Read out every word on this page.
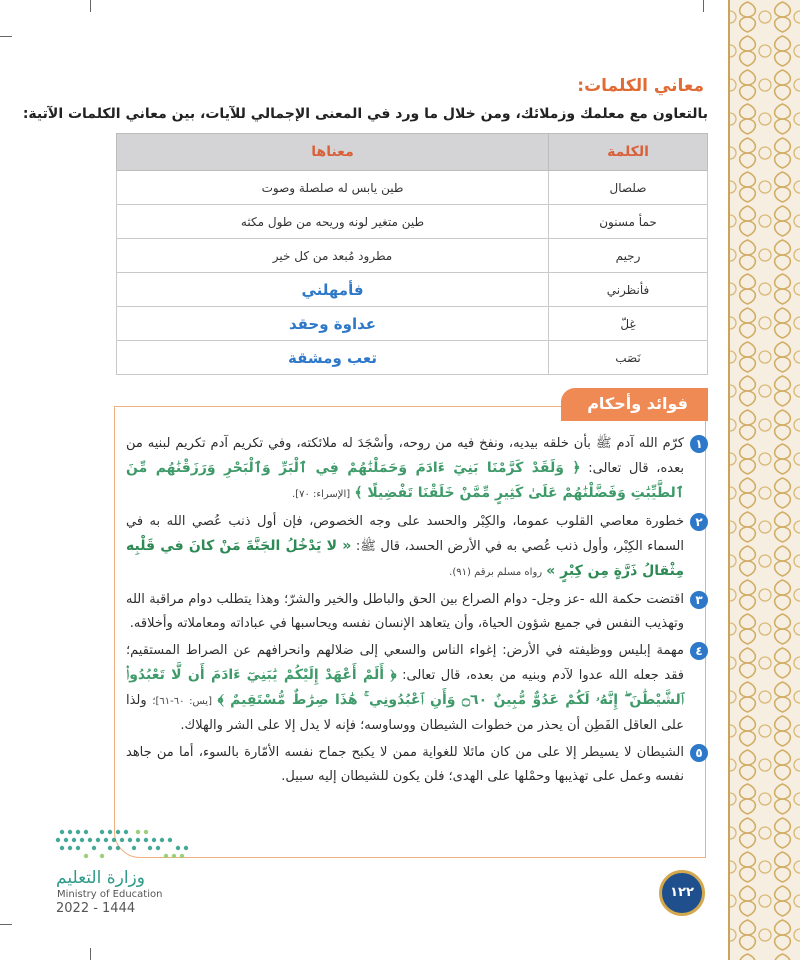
معاني الكلمات:
بالتعاون مع معلمك وزملائك، ومن خلال ما ورد في المعنى الإجمالي للآيات، بين معاني الكلمات الآتية:
الكلمة	معناها
صلصال	طين يابس له صلصلة وصوت
حمأ مسنون	طين متغير لونه وريحه من طول مكثه
رجيم	مطرود مُبعد من كل خير
فأنظرني	فأمهلني
غِلّ	عداوة وحقد
نَصَب	تعب ومشقة
فوائد وأحكام
١
كرّم الله آدم ﷺ بأن خلقه بيديه، ونفخ فيه من روحه، وأسْجَدَ له ملائكته، وفي تكريم آدم تكريم لبنيه من بعده، قال تعالى: ﴿ وَلَقَدْ كَرَّمْنَا بَنِيٓ ءَادَمَ وَحَمَلْنَٰهُمْ فِي ٱلْبَرِّ وَٱلْبَحْرِ وَرَزَقْنَٰهُم مِّنَ ٱلطَّيِّبَٰتِ وَفَضَّلْنَٰهُمْ عَلَىٰ كَثِيرٍ مِّمَّنْ خَلَقْنَا تَفْضِيلًا ﴾ [الإسراء: ٧٠].
٢
خطورة معاصي القلوب عموما، والكِبْر والحسد على وجه الخصوص، فإن أول ذنب عُصي الله به في السماء الكِبْر، وأول ذنب عُصي به في الأرض الحسد، قال ﷺ: « لا يَدْخُلُ الجَنَّةَ مَنْ كانَ في قَلْبِه مِثْقالُ ذَرَّةٍ مِن كِبْرٍ » رواه مسلم برقم (٩١).
٣
اقتضت حكمة الله -عز وجل- دوام الصراع بين الحق والباطل والخير والشرّ؛ وهذا يتطلب دوام مراقبة الله وتهذيب النفس في جميع شؤون الحياة، وأن يتعاهد الإنسان نفسه ويحاسبها في عباداته ومعاملاته وأخلاقه.
٤
مهمة إبليس ووظيفته في الأرض: إغواء الناس والسعي إلى ضلالهم وانحرافهم عن الصراط المستقيم؛ فقد جعله الله عدوا لآدم وبنيه من بعده، قال تعالى: ﴿ أَلَمْ أَعْهَدْ إِلَيْكُمْ يَٰبَنِيٓ ءَادَمَ أَن لَّا تَعْبُدُوا۟ ٱلشَّيْطَٰنَ ۖ إِنَّهُۥ لَكُمْ عَدُوٌّ مُّبِينٌ ۝٦٠ وَأَنِ ٱعْبُدُونِي ۚ هَٰذَا صِرَٰطٌ مُّسْتَقِيمٌ ﴾ [يس: ٦٠-٦١]؛ ولذا على العاقل الفَطِن أن يحذر من خطوات الشيطان ووساوسه؛ فإنه لا يدل إلا على الشر والهلاك.
٥
الشيطان لا يسيطر إلا على من كان مائلا للغواية ممن لا يكبح جماح نفسه الأمّارة بالسوء، أما من جاهد نفسه وعمل على تهذيبها وحمْلها على الهدى؛ فلن يكون للشيطان إليه سبيل.
وزارة التعليم
Ministry of Education
2022 - 1444
١٢٢
